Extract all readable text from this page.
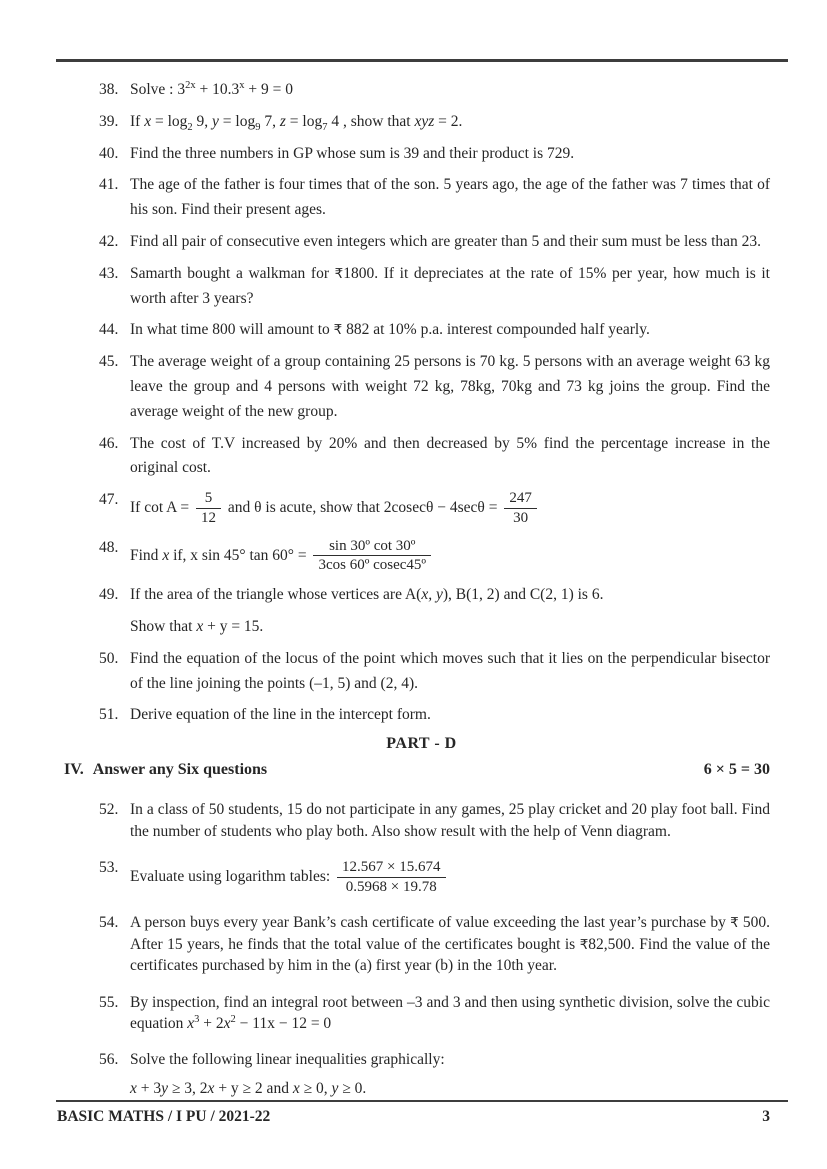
38. Solve : $3^{2x} + 10.3^x + 9 = 0$
39. If $x = \log_2 9$, $y = \log_9 7$, $z = \log_7 4$ , show that xyz = 2.
40. Find the three numbers in GP whose sum is 39 and their product is 729.
41. The age of the father is four times that of the son. 5 years ago, the age of the father was 7 times that of his son. Find their present ages.
42. Find all pair of consecutive even integers which are greater than 5 and their sum must be less than 23.
43. Samarth bought a walkman for ₹1800. If it depreciates at the rate of 15% per year, how much is it worth after 3 years?
44. In what time 800 will amount to ₹ 882 at 10% p.a. interest compounded half yearly.
45. The average weight of a group containing 25 persons is 70 kg. 5 persons with an average weight 63 kg leave the group and 4 persons with weight 72 kg, 78kg, 70kg and 73 kg joins the group. Find the average weight of the new group.
46. The cost of T.V increased by 20% and then decreased by 5% find the percentage increase in the original cost.
47. If $\cot A = \frac{5}{12}$ and θ is acute, show that $2cosec\theta - 4\sec\theta = \frac{247}{30}$
48. Find x if, x sin 45° $\tan 60^\circ = \frac{\text{sin 30º cot 30º}}{\text{3cos 60º cosec45º}}$
49. If the area of the triangle whose vertices are A(x, y), B(1, 2) and C(2, 1) is 6.
Show that x + y = 15.
50. Find the equation of the locus of the point which moves such that it lies on the perpendicular bisector of the line joining the points (–1, 5) and (2, 4).
51. Derive equation of the line in the intercept form.
PART - D
IV. Answer any Six questions	6 × 5 = 30
52. In a class of 50 students, 15 do not participate in any games, 25 play cricket and 20 play foot ball. Find the number of students who play both. Also show result with the help of Venn diagram.
53.
Evaluate using logarithm tables: $\frac{12.567 \times 15.674}{0.5968 \times 19.78}$
54. A person buys every year Bank’s cash certificate of value exceeding the last year’s purchase by ₹ 500. After 15 years, he finds that the total value of the certificates bought is ₹82,500. Find the value of the certificates purchased by him in the (a) first year (b) in the 10th year.
55. By inspection, find an integral root between –3 and 3 and then using synthetic division, solve the cubic equation $x^3 + 2x^2 - 11x - 12 = 0$
56. Solve the following linear inequalities graphically:
x + 3y ≥ 3, 2x + y ≥ 2 and x ≥ 0, y ≥ 0.
BASIC MATHS / I PU / 2021-22	3
